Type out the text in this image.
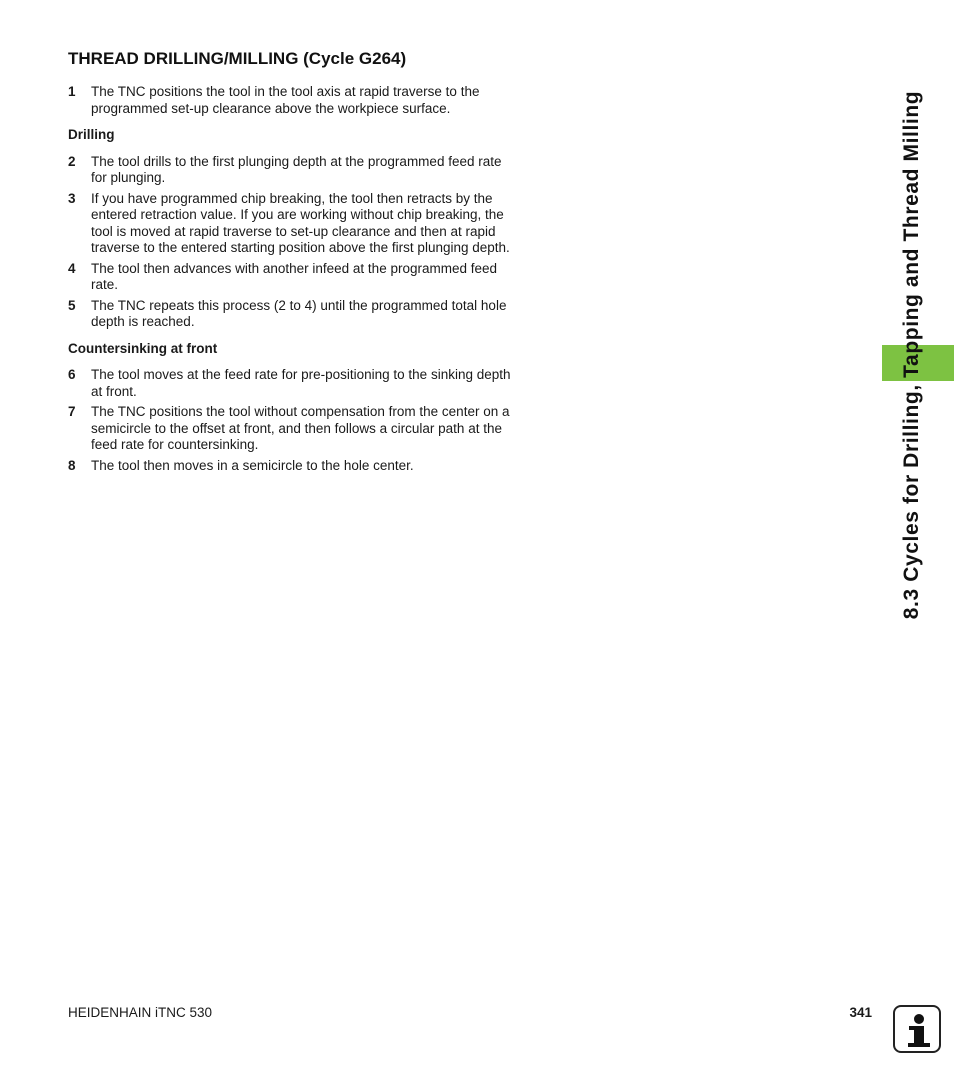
THREAD DRILLING/MILLING (Cycle G264)
1 The TNC positions the tool in the tool axis at rapid traverse to the programmed set-up clearance above the workpiece surface.
Drilling
2 The tool drills to the first plunging depth at the programmed feed rate for plunging.
3 If you have programmed chip breaking, the tool then retracts by the entered retraction value. If you are working without chip breaking, the tool is moved at rapid traverse to set-up clearance and then at rapid traverse to the entered starting position above the first plunging depth.
4 The tool then advances with another infeed at the programmed feed rate.
5 The TNC repeats this process (2 to 4) until the programmed total hole depth is reached.
Countersinking at front
6 The tool moves at the feed rate for pre-positioning to the sinking depth at front.
7 The TNC positions the tool without compensation from the center on a semicircle to the offset at front, and then follows a circular path at the feed rate for countersinking.
8 The tool then moves in a semicircle to the hole center.	8.3 Cycles for Drilling, Tapping and Thread Milling
HEIDENHAIN iTNC 530	341
